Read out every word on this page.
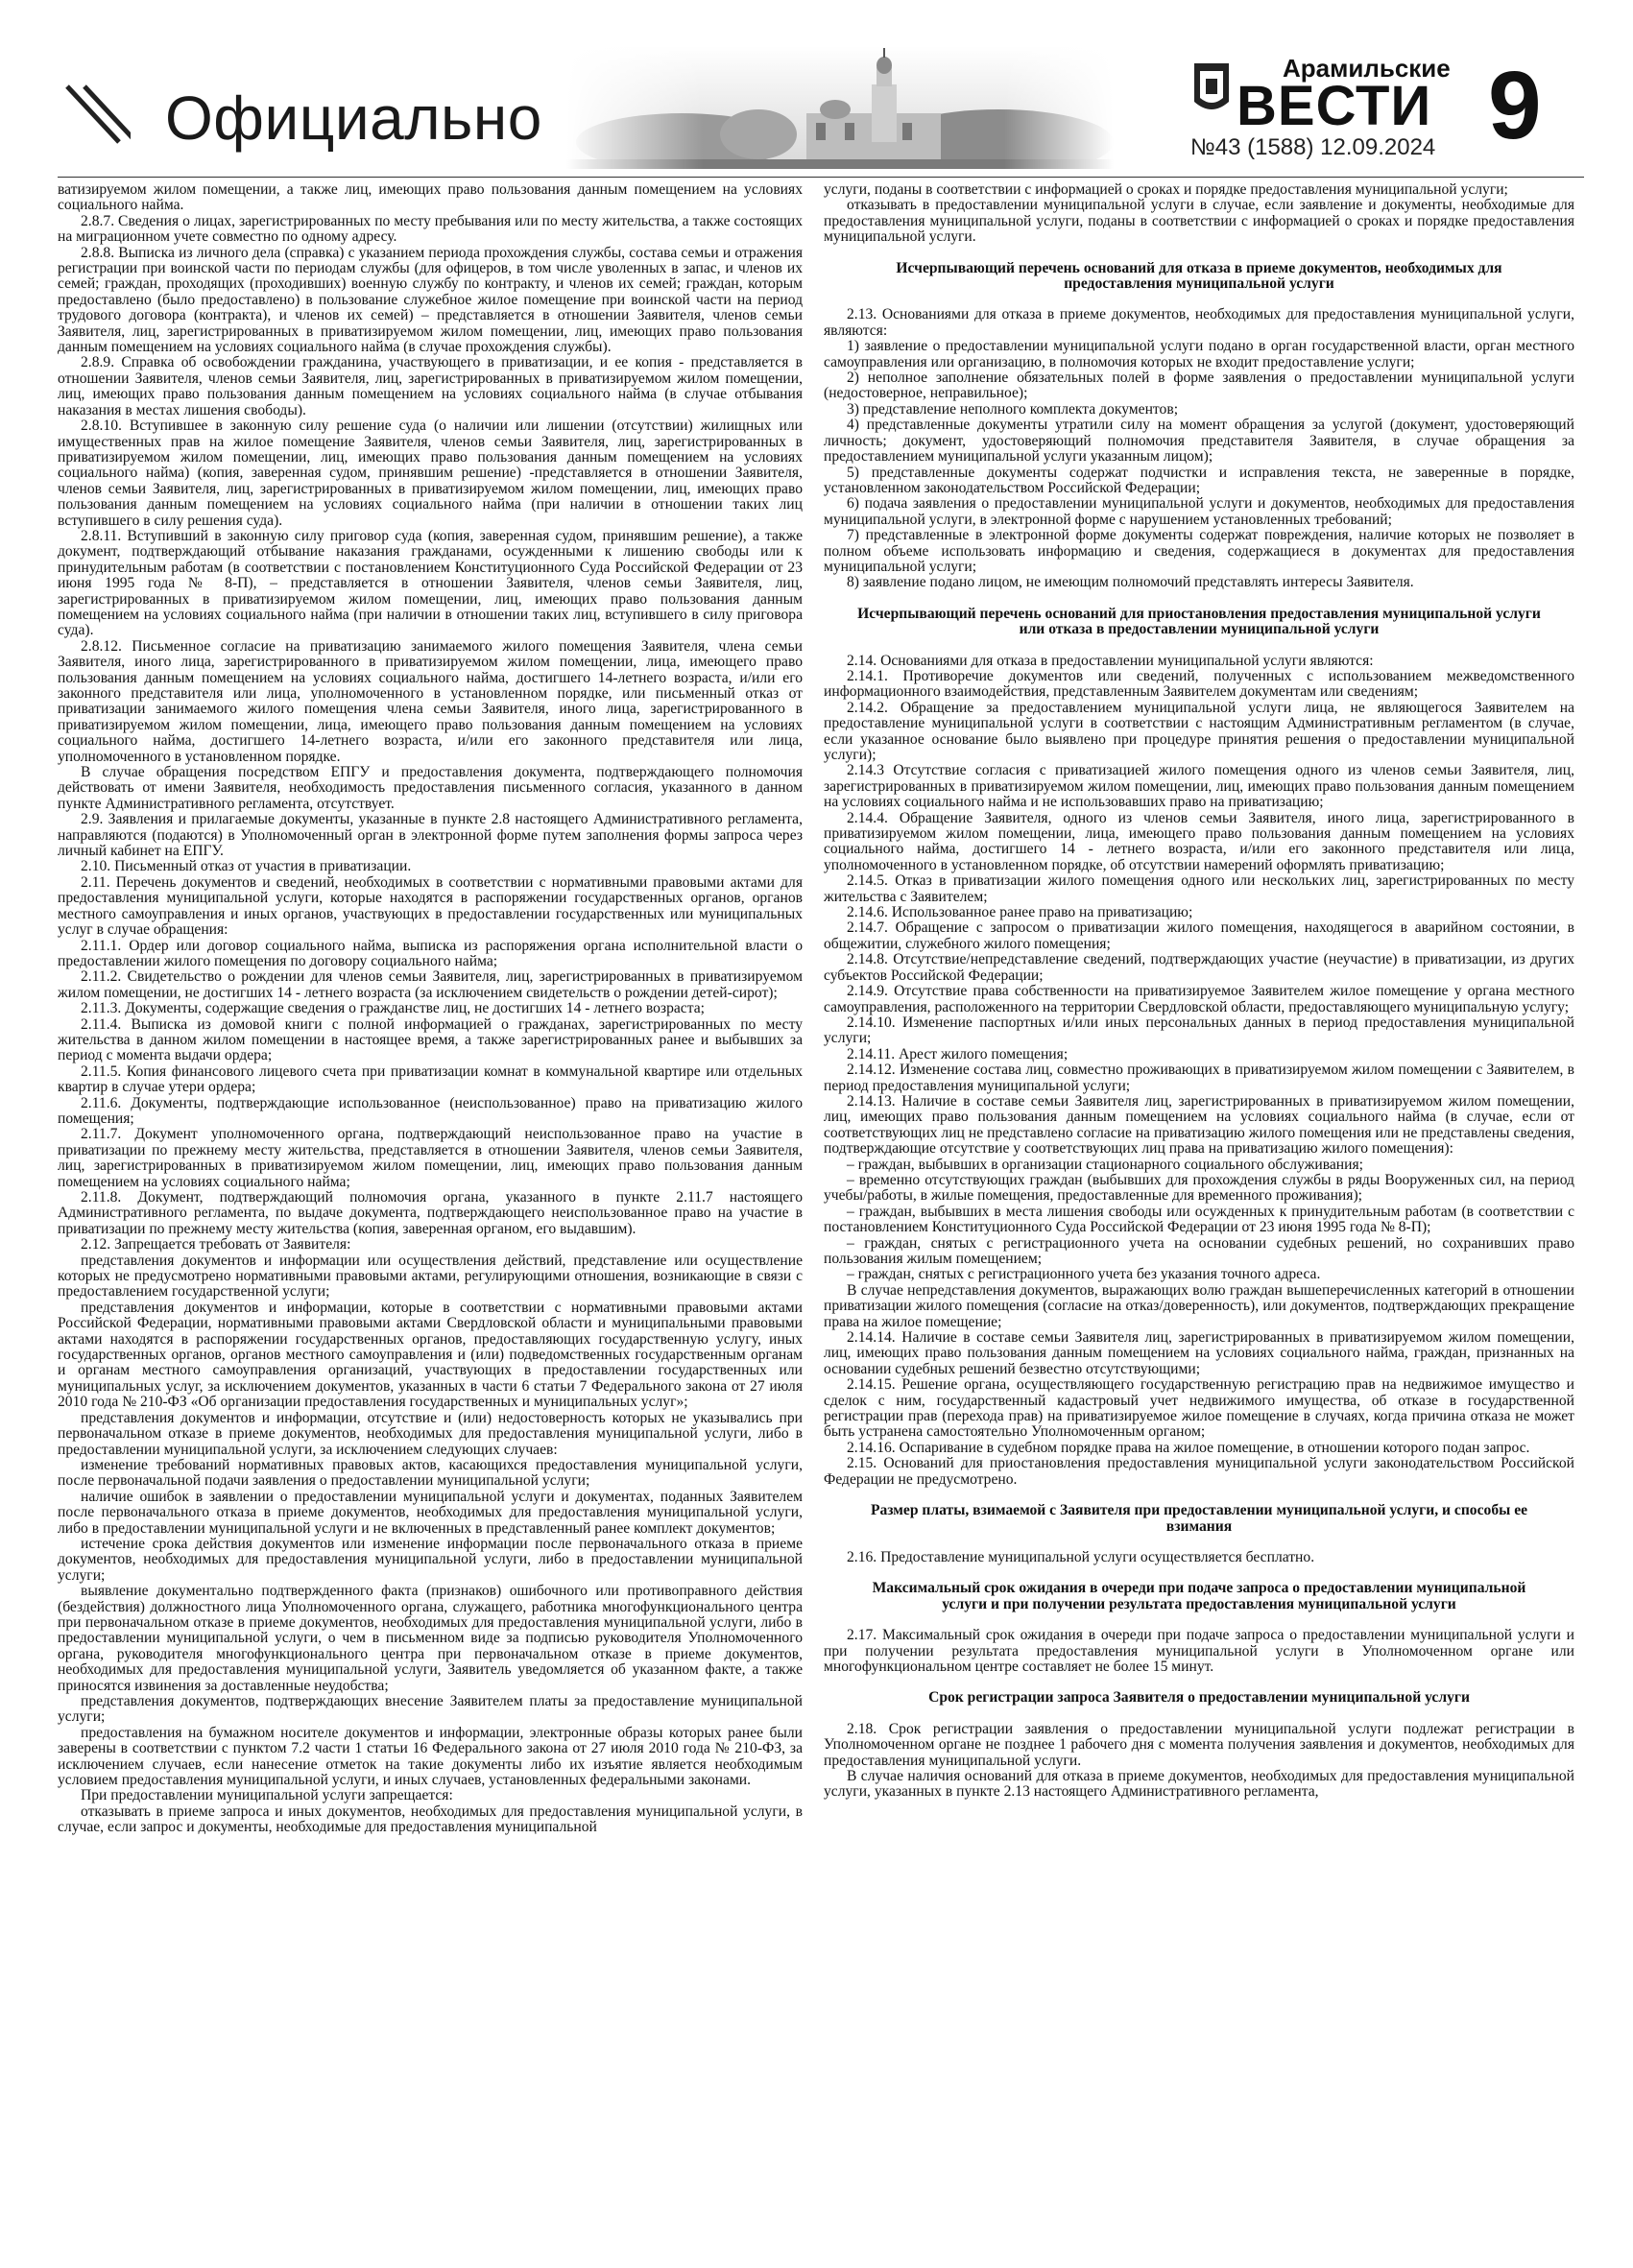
Официально
Арамильские
ВЕСТИ
№43 (1588) 12.09.2024 9

ватизируемом жилом помещении, а также лиц, имеющих право пользования данным помещением на условиях социального найма.

2.8.7. Сведения о лицах, зарегистрированных по месту пребывания или по месту жительства, а также состоящих на миграционном учете совместно по одному адресу.

2.8.8. Выписка из личного дела (справка) с указанием периода прохождения службы, состава семьи и отражения регистрации при воинской части по периодам службы (для офицеров, в том числе уволенных в запас, и членов их семей; граждан, проходящих (проходивших) военную службу по контракту, и членов их семей; граждан, которым предоставлено (было предоставлено) в пользование служебное жилое помещение при воинской части на период трудового договора (контракта), и членов их семей) – представляется в отношении Заявителя, членов семьи Заявителя, лиц, зарегистрированных в приватизируемом жилом помещении, лиц, имеющих право пользования данным помещением на условиях социального найма (в случае прохождения службы).

2.8.9. Справка об освобождении гражданина, участвующего в приватизации, и ее копия - представляется в отношении Заявителя, членов семьи Заявителя, лиц, зарегистрированных в приватизируемом жилом помещении, лиц, имеющих право пользования данным помещением на условиях социального найма (в случае отбывания наказания в местах лишения свободы).

2.8.10. Вступившее в законную силу решение суда (о наличии или лишении (отсутствии) жилищных или имущественных прав на жилое помещение Заявителя, членов семьи Заявителя, лиц, зарегистрированных в приватизируемом жилом помещении, лиц, имеющих право пользования данным помещением на условиях социального найма) (копия, заверенная судом, принявшим решение) -представляется в отношении Заявителя, членов семьи Заявителя, лиц, зарегистрированных в приватизируемом жилом помещении, лиц, имеющих право пользования данным помещением на условиях социального найма (при наличии в отношении таких лиц вступившего в силу решения суда).

2.8.11. Вступивший в законную силу приговор суда (копия, заверенная судом, принявшим решение), а также документ, подтверждающий отбывание наказания гражданами, осужденными к лишению свободы или к принудительным работам (в соответствии с постановлением Конституционного Суда Российской Федерации от 23 июня 1995 года № 8-П), – представляется в отношении Заявителя, членов семьи Заявителя, лиц, зарегистрированных в приватизируемом жилом помещении, лиц, имеющих право пользования данным помещением на условиях социального найма (при наличии в отношении таких лиц, вступившего в силу приговора суда).

2.8.12. Письменное согласие на приватизацию занимаемого жилого помещения Заявителя, члена семьи Заявителя, иного лица, зарегистрированного в приватизируемом жилом помещении, лица, имеющего право пользования данным помещением на условиях социального найма, достигшего 14-летнего возраста, и/или его законного представителя или лица, уполномоченного в установленном порядке, или письменный отказ от приватизации занимаемого жилого помещения члена семьи Заявителя, иного лица, зарегистрированного в приватизируемом жилом помещении, лица, имеющего право пользования данным помещением на условиях социального найма, достигшего 14-летнего возраста, и/или его законного представителя или лица, уполномоченного в установленном порядке.

В случае обращения посредством ЕПГУ и предоставления документа, подтверждающего полномочия действовать от имени Заявителя, необходимость предоставления письменного согласия, указанного в данном пункте Административного регламента, отсутствует.

2.9. Заявления и прилагаемые документы, указанные в пункте 2.8 настоящего Административного регламента, направляются (подаются) в Уполномоченный орган в электронной форме путем заполнения формы запроса через личный кабинет на ЕПГУ.

2.10. Письменный отказ от участия в приватизации.

2.11. Перечень документов и сведений, необходимых в соответствии с нормативными правовыми актами для предоставления муниципальной услуги, которые находятся в распоряжении государственных органов, органов местного самоуправления и иных органов, участвующих в предоставлении государственных или муниципальных услуг в случае обращения:

2.11.1. Ордер или договор социального найма, выписка из распоряжения органа исполнительной власти о предоставлении жилого помещения по договору социального найма;

2.11.2. Свидетельство о рождении для членов семьи Заявителя, лиц, зарегистрированных в приватизируемом жилом помещении, не достигших 14 - летнего возраста (за исключением свидетельств о рождении детей-сирот);

2.11.3. Документы, содержащие сведения о гражданстве лиц, не достигших 14 - летнего возраста;

2.11.4. Выписка из домовой книги с полной информацией о гражданах, зарегистрированных по месту жительства в данном жилом помещении в настоящее время, а также зарегистрированных ранее и выбывших за период с момента выдачи ордера;

2.11.5. Копия финансового лицевого счета при приватизации комнат в коммунальной квартире или отдельных квартир в случае утери ордера;

2.11.6. Документы, подтверждающие использованное (неиспользованное) право на приватизацию жилого помещения;

2.11.7. Документ уполномоченного органа, подтверждающий неиспользованное право на участие в приватизации по прежнему месту жительства, представляется в отношении Заявителя, членов семьи Заявителя, лиц, зарегистрированных в приватизируемом жилом помещении, лиц, имеющих право пользования данным помещением на условиях социального найма;

2.11.8. Документ, подтверждающий полномочия органа, указанного в пункте 2.11.7 настоящего Административного регламента, по выдаче документа, подтверждающего неиспользованное право на участие в приватизации по прежнему месту жительства (копия, заверенная органом, его выдавшим).

2.12. Запрещается требовать от Заявителя:

представления документов и информации или осуществления действий, представление или осуществление которых не предусмотрено нормативными правовыми актами, регулирующими отношения, возникающие в связи с предоставлением государственной услуги;

представления документов и информации, которые в соответствии с нормативными правовыми актами Российской Федерации, нормативными правовыми актами Свердловской области и муниципальными правовыми актами находятся в распоряжении государственных органов, предоставляющих государственную услугу, иных государственных органов, органов местного самоуправления и (или) подведомственных государственным органам и органам местного самоуправления организаций, участвующих в предоставлении государственных или муниципальных услуг, за исключением документов, указанных в части 6 статьи 7 Федерального закона от 27 июля 2010 года № 210-ФЗ «Об организации предоставления государственных и муниципальных услуг»;

представления документов и информации, отсутствие и (или) недостоверность которых не указывались при первоначальном отказе в приеме документов, необходимых для предоставления муниципальной услуги, либо в предоставлении муниципальной услуги, за исключением следующих случаев:

изменение требований нормативных правовых актов, касающихся предоставления муниципальной услуги, после первоначальной подачи заявления о предоставлении муниципальной услуги;

наличие ошибок в заявлении о предоставлении муниципальной услуги и документах, поданных Заявителем после первоначального отказа в приеме документов, необходимых для предоставления муниципальной услуги, либо в предоставлении муниципальной услуги и не включенных в представленный ранее комплект документов;

истечение срока действия документов или изменение информации после первоначального отказа в приеме документов, необходимых для предоставления муниципальной услуги, либо в предоставлении муниципальной услуги;

выявление документально подтвержденного факта (признаков) ошибочного или противоправного действия (бездействия) должностного лица Уполномоченного органа, служащего, работника многофункционального центра при первоначальном отказе в приеме документов, необходимых для предоставления муниципальной услуги, либо в предоставлении муниципальной услуги, о чем в письменном виде за подписью руководителя Уполномоченного органа, руководителя многофункционального центра при первоначальном отказе в приеме документов, необходимых для предоставления муниципальной услуги, Заявитель уведомляется об указанном факте, а также приносятся извинения за доставленные неудобства;

представления документов, подтверждающих внесение Заявителем платы за предоставление муниципальной услуги;

предоставления на бумажном носителе документов и информации, электронные образы которых ранее были заверены в соответствии с пунктом 7.2 части 1 статьи 16 Федерального закона от 27 июля 2010 года № 210-ФЗ, за исключением случаев, если нанесение отметок на такие документы либо их изъятие является необходимым условием предоставления муниципальной услуги, и иных случаев, установленных федеральными законами.

При предоставлении муниципальной услуги запрещается:

отказывать в приеме запроса и иных документов, необходимых для предоставления муниципальной услуги, в случае, если запрос и документы, необходимые для предоставления муниципальной

услуги, поданы в соответствии с информацией о сроках и порядке предоставления муниципальной услуги;

отказывать в предоставлении муниципальной услуги в случае, если заявление и документы, необходимые для предоставления муниципальной услуги, поданы в соответствии с информацией о сроках и порядке предоставления муниципальной услуги.

Исчерпывающий перечень оснований для отказа в приеме документов, необходимых для предоставления муниципальной услуги

2.13. Основаниями для отказа в приеме документов, необходимых для предоставления муниципальной услуги, являются:

1) заявление о предоставлении муниципальной услуги подано в орган государственной власти, орган местного самоуправления или организацию, в полномочия которых не входит предоставление услуги;

2) неполное заполнение обязательных полей в форме заявления о предоставлении муниципальной услуги (недостоверное, неправильное);

3) представление неполного комплекта документов;

4) представленные документы утратили силу на момент обращения за услугой (документ, удостоверяющий личность; документ, удостоверяющий полномочия представителя Заявителя, в случае обращения за предоставлением муниципальной услуги указанным лицом);

5) представленные документы содержат подчистки и исправления текста, не заверенные в порядке, установленном законодательством Российской Федерации;

6) подача заявления о предоставлении муниципальной услуги и документов, необходимых для предоставления муниципальной услуги, в электронной форме с нарушением установленных требований;

7) представленные в электронной форме документы содержат повреждения, наличие которых не позволяет в полном объеме использовать информацию и сведения, содержащиеся в документах для предоставления муниципальной услуги;

8) заявление подано лицом, не имеющим полномочий представлять интересы Заявителя.

Исчерпывающий перечень оснований для приостановления предоставления муниципальной услуги или отказа в предоставлении муниципальной услуги

2.14. Основаниями для отказа в предоставлении муниципальной услуги являются:

2.14.1. Противоречие документов или сведений, полученных с использованием межведомственного информационного взаимодействия, представленным Заявителем документам или сведениям;

2.14.2. Обращение за предоставлением муниципальной услуги лица, не являющегося Заявителем на предоставление муниципальной услуги в соответствии с настоящим Административным регламентом (в случае, если указанное основание было выявлено при процедуре принятия решения о предоставлении муниципальной услуги);

2.14.3 Отсутствие согласия с приватизацией жилого помещения одного из членов семьи Заявителя, лиц, зарегистрированных в приватизируемом жилом помещении, лиц, имеющих право пользования данным помещением на условиях социального найма и не использовавших право на приватизацию;

2.14.4. Обращение Заявителя, одного из членов семьи Заявителя, иного лица, зарегистрированного в приватизируемом жилом помещении, лица, имеющего право пользования данным помещением на условиях социального найма, достигшего 14 - летнего возраста, и/или его законного представителя или лица, уполномоченного в установленном порядке, об отсутствии намерений оформлять приватизацию;

2.14.5. Отказ в приватизации жилого помещения одного или нескольких лиц, зарегистрированных по месту жительства с Заявителем;

2.14.6. Использованное ранее право на приватизацию;

2.14.7. Обращение с запросом о приватизации жилого помещения, находящегося в аварийном состоянии, в общежитии, служебного жилого помещения;

2.14.8. Отсутствие/непредставление сведений, подтверждающих участие (неучастие) в приватизации, из других субъектов Российской Федерации;

2.14.9. Отсутствие права собственности на приватизируемое Заявителем жилое помещение у органа местного самоуправления, расположенного на территории Свердловской области, предоставляющего муниципальную услугу;

2.14.10. Изменение паспортных и/или иных персональных данных в период предоставления муниципальной услуги;

2.14.11. Арест жилого помещения;

2.14.12. Изменение состава лиц, совместно проживающих в приватизируемом жилом помещении с Заявителем, в период предоставления муниципальной услуги;

2.14.13. Наличие в составе семьи Заявителя лиц, зарегистрированных в приватизируемом жилом помещении, лиц, имеющих право пользования данным помещением на условиях социального найма (в случае, если от соответствующих лиц не представлено согласие на приватизацию жилого помещения или не представлены сведения, подтверждающие отсутствие у соответствующих лиц права на приватизацию жилого помещения):

– граждан, выбывших в организации стационарного социального обслуживания;

– временно отсутствующих граждан (выбывших для прохождения службы в ряды Вооруженных сил, на период учебы/работы, в жилые помещения, предоставленные для временного проживания);

– граждан, выбывших в места лишения свободы или осужденных к принудительным работам (в соответствии с постановлением Конституционного Суда Российской Федерации от 23 июня 1995 года № 8-П);

– граждан, снятых с регистрационного учета на основании судебных решений, но сохранивших право пользования жилым помещением;

– граждан, снятых с регистрационного учета без указания точного адреса.

В случае непредставления документов, выражающих волю граждан вышеперечисленных категорий в отношении приватизации жилого помещения (согласие на отказ/доверенность), или документов, подтверждающих прекращение права на жилое помещение;

2.14.14. Наличие в составе семьи Заявителя лиц, зарегистрированных в приватизируемом жилом помещении, лиц, имеющих право пользования данным помещением на условиях социального найма, граждан, признанных на основании судебных решений безвестно отсутствующими;

2.14.15. Решение органа, осуществляющего государственную регистрацию прав на недвижимое имущество и сделок с ним, государственный кадастровый учет недвижимого имущества, об отказе в государственной регистрации прав (перехода прав) на приватизируемое жилое помещение в случаях, когда причина отказа не может быть устранена самостоятельно Уполномоченным органом;

2.14.16. Оспаривание в судебном порядке права на жилое помещение, в отношении которого подан запрос.

2.15. Оснований для приостановления предоставления муниципальной услуги законодательством Российской Федерации не предусмотрено.

Размер платы, взимаемой с Заявителя при предоставлении муниципальной услуги, и способы ее взимания

2.16. Предоставление муниципальной услуги осуществляется бесплатно.

Максимальный срок ожидания в очереди при подаче запроса о предоставлении муниципальной услуги и при получении результата предоставления муниципальной услуги

2.17. Максимальный срок ожидания в очереди при подаче запроса о предоставлении муниципальной услуги и при получении результата предоставления муниципальной услуги в Уполномоченном органе или многофункциональном центре составляет не более 15 минут.

Срок регистрации запроса Заявителя о предоставлении муниципальной услуги

2.18. Срок регистрации заявления о предоставлении муниципальной услуги подлежат регистрации в Уполномоченном органе не позднее 1 рабочего дня с момента получения заявления и документов, необходимых для предоставления муниципальной услуги.

В случае наличия оснований для отказа в приеме документов, необходимых для предоставления муниципальной услуги, указанных в пункте 2.13 настоящего Административного регламента,
